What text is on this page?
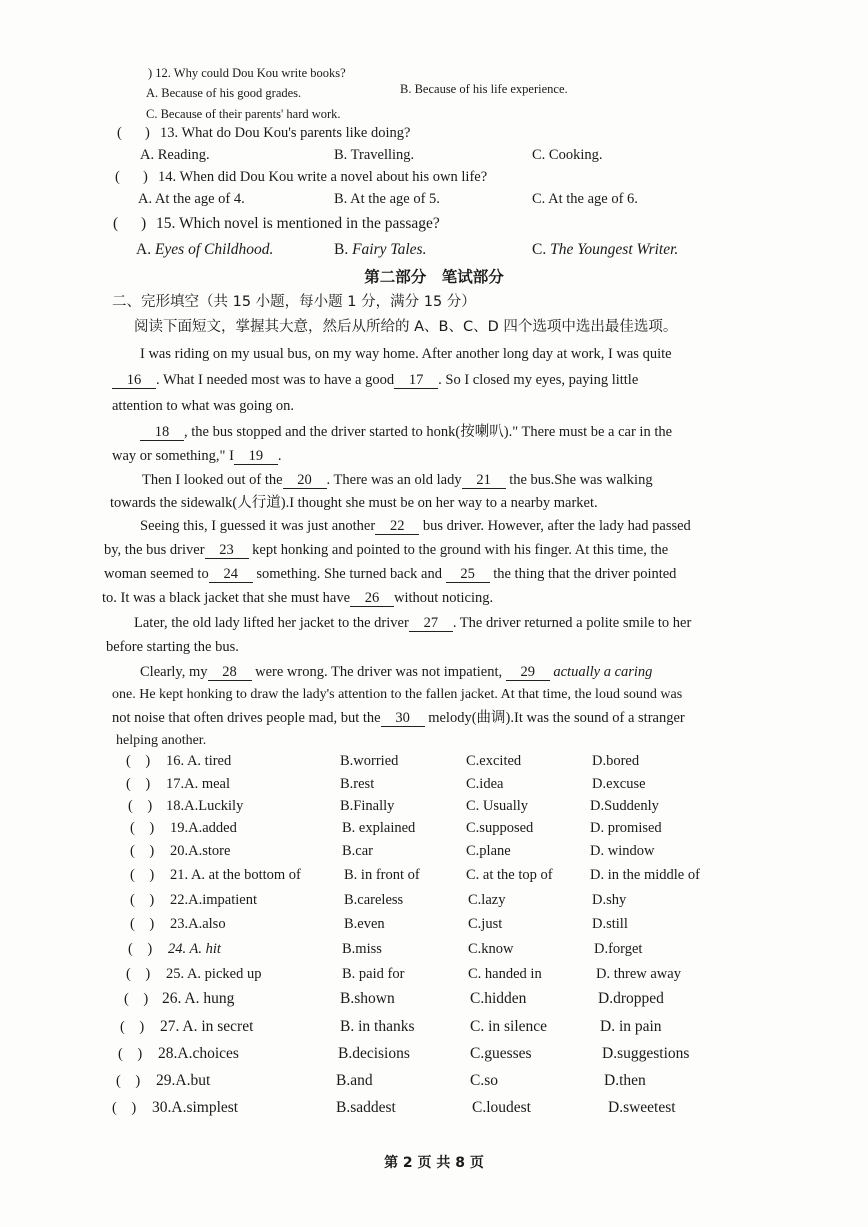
) 12. Why could Dou Kou write books?
A. Because of his good grades.	B. Because of his life experience.
C. Because of their parents' hard work.
( ) 13. What do Dou Kou's parents like doing?
A. Reading.	B. Travelling.	C. Cooking.
( ) 14. When did Dou Kou write a novel about his own life?
A. At the age of 4.	B. At the age of 5.	C. At the age of 6.
( ) 15. Which novel is mentioned in the passage?
A. Eyes of Childhood.	B. Fairy Tales.	C. The Youngest Writer.
第二部分　笔试部分
二、完形填空（共 15 小题，每小题 1 分，满分 15 分）
阅读下面短文，掌握其大意，然后从所给的 A、B、C、D 四个选项中选出最佳选项。
I was riding on my usual bus, on my way home. After another long day at work, I was quite
16 . What I needed most was to have a good 17 . So I closed my eyes, paying little
attention to what was going on.
18 , the bus stopped and the driver started to honk(按喇叭)." There must be a car in the
way or something," I 19 .
Then I looked out of the 20 . There was an old lady 21 the bus.She was walking
towards the sidewalk(人行道).I thought she must be on her way to a nearby market.
Seeing this, I guessed it was just another 22 bus driver. However, after the lady had passed
by, the bus driver 23 kept honking and pointed to the ground with his finger. At this time, the
woman seemed to 24 something. She turned back and 25 the thing that the driver pointed
to. It was a black jacket that she must have 26 without noticing.
Later, the old lady lifted her jacket to the driver 27 . The driver returned a polite smile to her
before starting the bus.
Clearly, my 28 were wrong. The driver was not impatient, 29 actually a caring
one. He kept honking to draw the lady's attention to the fallen jacket. At that time, the loud sound was
not noise that often drives people mad, but the 30 melody(曲调).It was the sound of a stranger
helping another.
(　) 16. A. tired	B.worried	C.excited	D.bored
(　) 17.A. meal	B.rest	C.idea	D.excuse
(　) 18.A.Luckily	B.Finally	C. Usually	D.Suddenly
(　) 19.A.added	B. explained	C.supposed	D. promised
(　) 20.A.store	B.car	C.plane	D. window
(　) 21. A. at the bottom of	B. in front of	C. at the top of	D. in the middle of
(　) 22.A.impatient	B.careless	C.lazy	D.shy
(　) 23.A.also	B.even	C.just	D.still
(　) 24. A. hit	B.miss	C.know	D.forget
(　) 25. A. picked up	B. paid for	C. handed in	D. threw away
(　) 26. A. hung	B.shown	C.hidden	D.dropped
(　) 27. A. in secret	B. in thanks	C. in silence	D. in pain
(　) 28.A.choices	B.decisions	C.guesses	D.suggestions
(　) 29.A.but	B.and	C.so	D.then
(　) 30.A.simplest	B.saddest	C.loudest	D.sweetest
第 2 页 共 8 页
